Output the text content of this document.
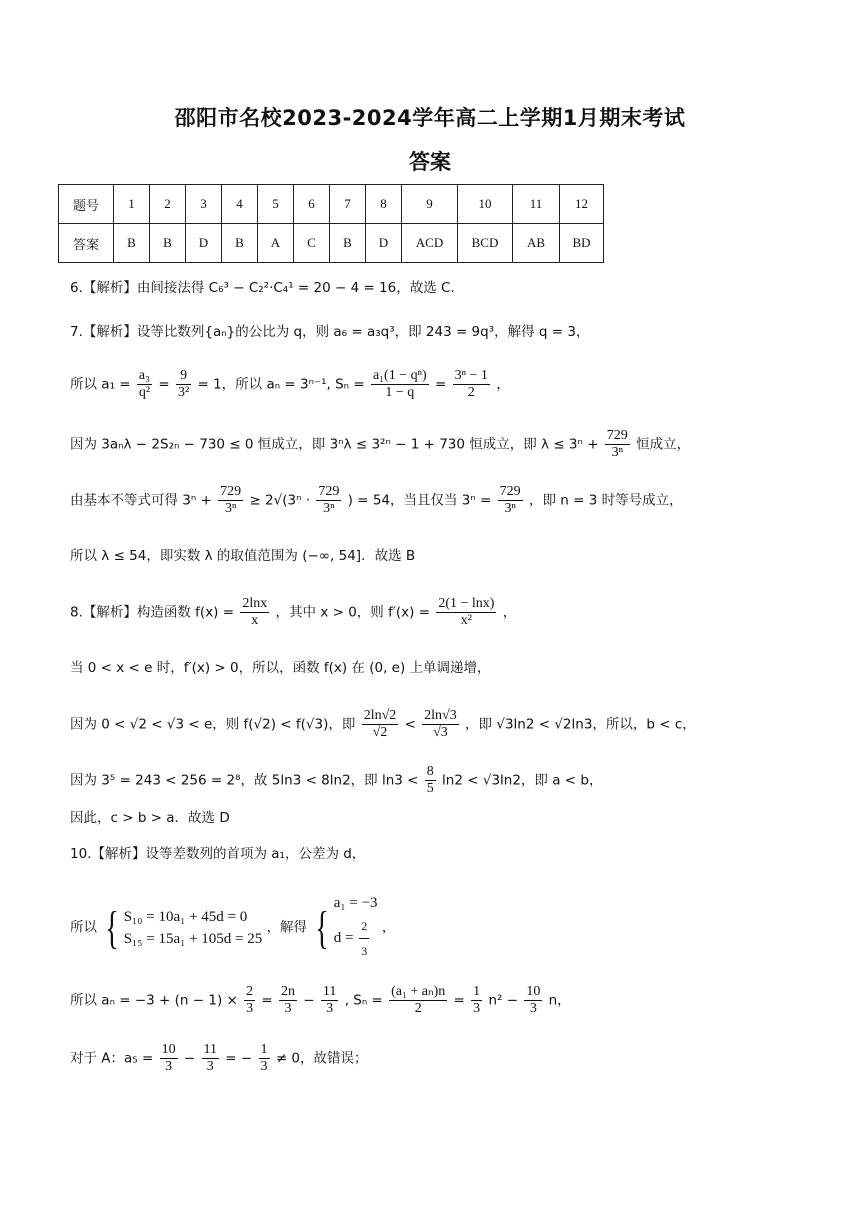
邵阳市名校2023-2024学年高二上学期1月期末考试
答案
题号	1	2	3	4	5	6	7	8	9	10	11	12
答案	B	B	D	B	A	C	B	D	ACD	BCD	AB	BD
6.【解析】由间接法得 C₆³ − C₂²·C₄¹ = 20 − 4 = 16，故选 C.
7.【解析】设等比数列{aₙ}的公比为 q，则 a₆ = a₃q³，即 243 = 9q³，解得 q = 3，
所以 $a_1 = \frac{\text{a₃}}{\text{q²}} = \frac{9}{\text{3²}} = 1$，所以 aₙ = 3ⁿ⁻¹, $S_n = \frac{\text{a₁(1 − qⁿ)}}{1 - q} = \frac{\text{3ⁿ − 1}}{2}$ ，
因为 3aₙλ − 2S₂ₙ − 730 ≤ 0 恒成立，即 3ⁿλ ≤ 3²ⁿ − 1 + 730 恒成立，即 $\lambda \le 3^n + \frac{729}{\text{3ⁿ}}$ 恒成立，
由基本不等式可得 $3^n + \frac{729}{\text{3ⁿ}} \ge 2√(3^n \cdot \frac{729}{\text{3ⁿ}}$ ) = 54，当且仅当 $3^n = \frac{729}{\text{3ⁿ}}$ ，即 n = 3 时等号成立，
所以 λ ≤ 54，即实数 λ 的取值范围为 (−∞, 54]．故选 B
8.【解析】构造函数 $f(x) = \frac{2\ln x}{x}$ ，其中 x > 0，则 $f'(x) = \frac{2(1 - \ln x)}{\text{x²}}$ ，
当 0 < x < e 时，f′(x) > 0，所以，函数 f(x) 在 (0, e) 上单调递增，
因为 0 < √2 < √3 < e，则 f(√2) < f(√3)，即 $\frac{2\ln√2}{√2} < \frac{2\ln√3}{√3}$ ，即 √3ln2 < √2ln3，所以，b < c，
因为 3⁵ = 243 < 256 = 2⁸，故 5ln3 < 8ln2，即 $\ln 3 < \frac{8}{5} \ln 2 < √3\ln 2$，即 a < b，
因此，c > b > a．故选 D
10.【解析】设等差数列的首项为 a₁，公差为 d，
所以 { S₁₀ = 10a₁ + 45d = 0
S₁₅ = 15a₁ + 105d = 25
，解得 { a₁ = −3
$d = \frac{2}{3}$ ，
所以 $a_n = -3 + (n - 1) \times \frac{2}{3} = \frac{2n}{3} - \frac{11}{3}$ , $S_n = \frac{\text{(a₁ + aₙ)n}}{2} = \frac{1}{3} n^2 - \frac{10}{3}$ n，
对于 A：$a_5 = \frac{10}{3} - \frac{11}{3}$ = − $\frac{1}{3} \ne 0$，故错误；
